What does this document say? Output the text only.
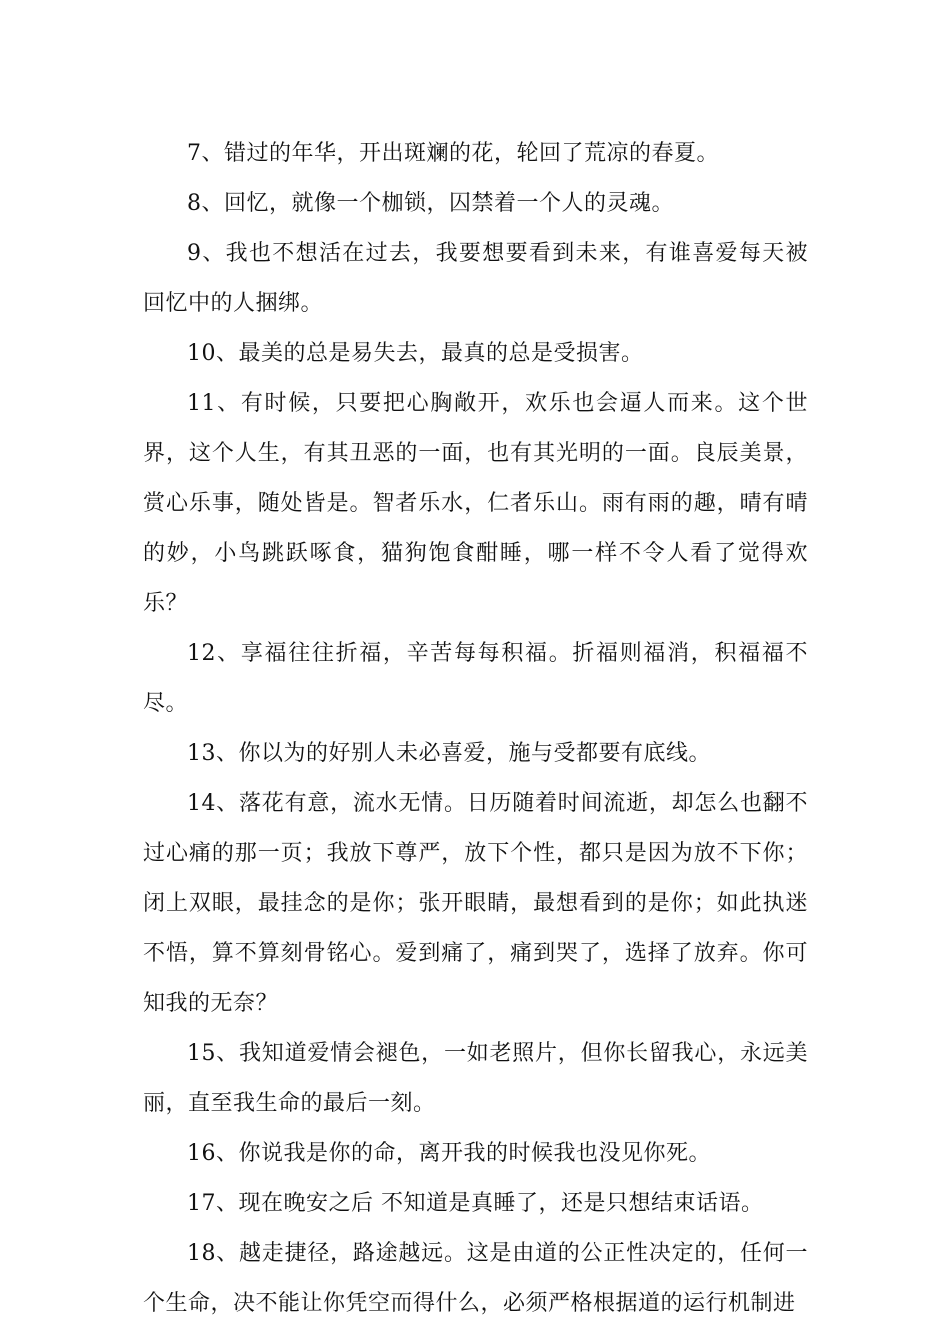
7、错过的年华，开出斑斓的花，轮回了荒凉的春夏。

8、回忆，就像一个枷锁，囚禁着一个人的灵魂。

9、我也不想活在过去，我要想要看到未来，有谁喜爱每天被回忆中的人捆绑。

10、最美的总是易失去，最真的总是受损害。

11、有时候，只要把心胸敞开，欢乐也会逼人而来。这个世界，这个人生，有其丑恶的一面，也有其光明的一面。良辰美景，赏心乐事，随处皆是。智者乐水，仁者乐山。雨有雨的趣，晴有晴的妙，小鸟跳跃啄食，猫狗饱食酣睡，哪一样不令人看了觉得欢乐？

12、享福往往折福，辛苦每每积福。折福则福消，积福福不尽。

13、你以为的好别人未必喜爱，施与受都要有底线。

14、落花有意，流水无情。日历随着时间流逝，却怎么也翻不过心痛的那一页；我放下尊严，放下个性，都只是因为放不下你；闭上双眼，最挂念的是你；张开眼睛，最想看到的是你；如此执迷不悟，算不算刻骨铭心。爱到痛了，痛到哭了，选择了放弃。你可知我的无奈？

15、我知道爱情会褪色，一如老照片，但你长留我心，永远美丽，直至我生命的最后一刻。

16、你说我是你的命，离开我的时候我也没见你死。

17、现在晚安之后 不知道是真睡了，还是只想结束话语。

18、越走捷径，路途越远。这是由道的公正性决定的，任何一个生命，决不能让你凭空而得什么，必须严格根据道的运行机制进
